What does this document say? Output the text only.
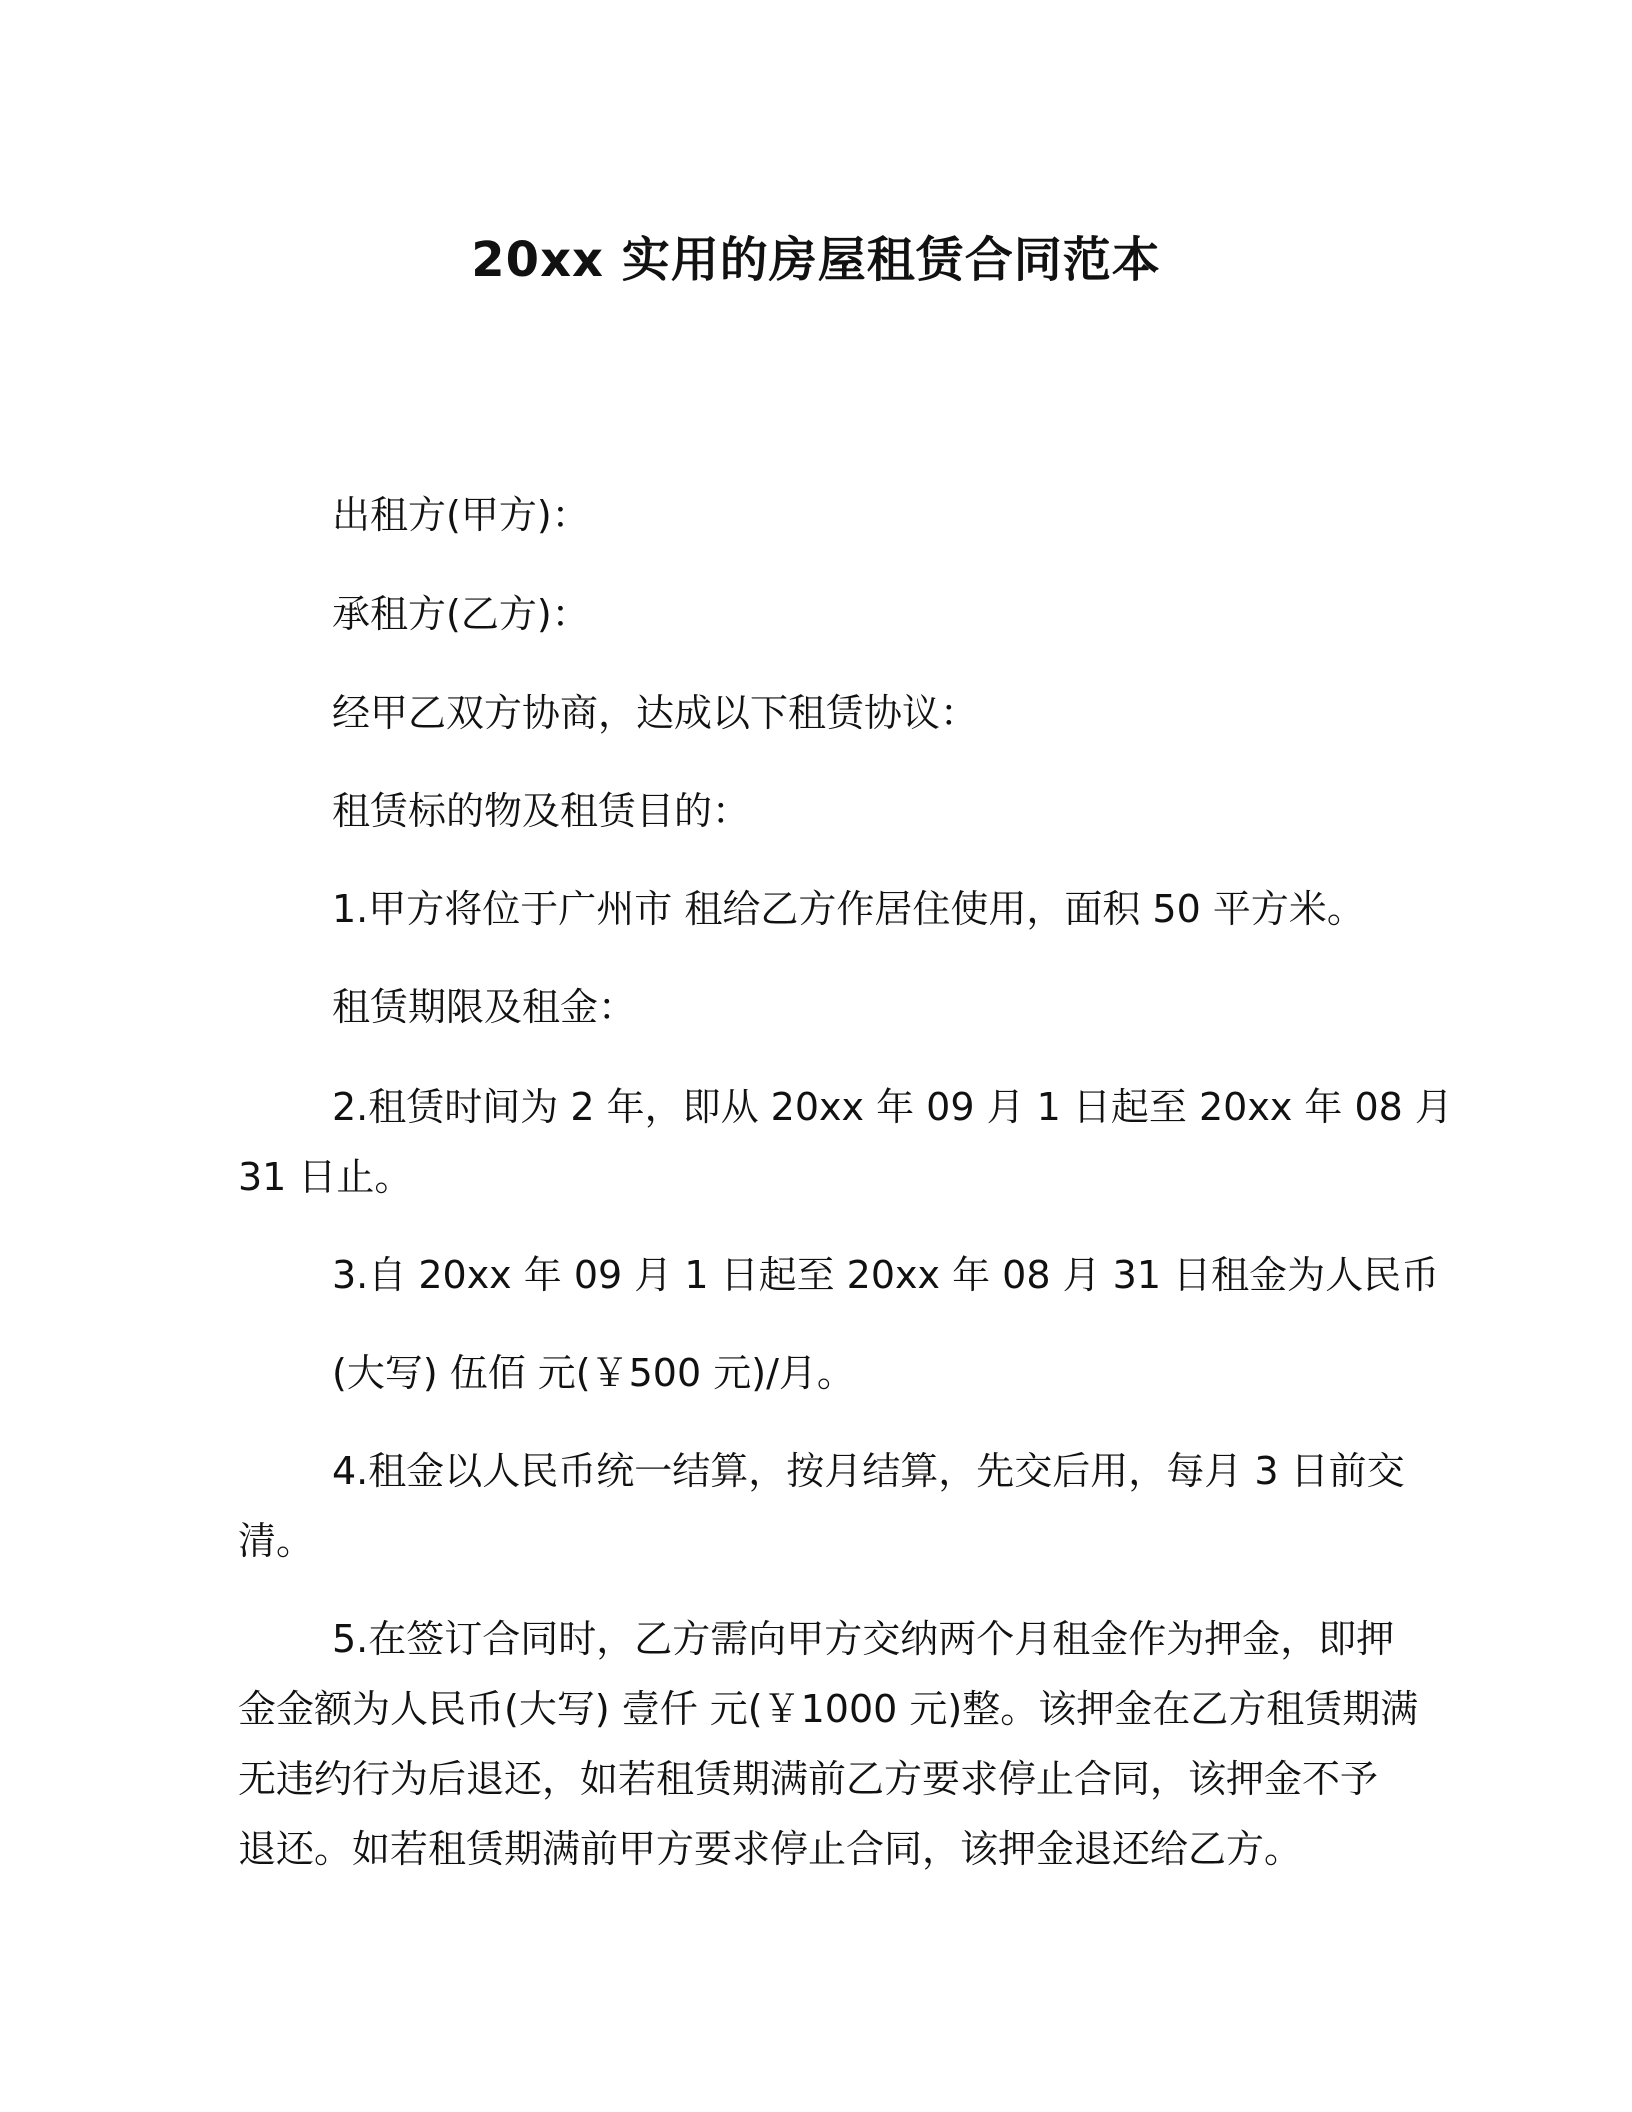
20xx 实用的房屋租赁合同范本
出租方(甲方)：
承租方(乙方)：
经甲乙双方协商，达成以下租赁协议：
租赁标的物及租赁目的：
1.甲方将位于广州市 租给乙方作居住使用，面积 50 平方米。
租赁期限及租金：
2.租赁时间为 2 年，即从 20xx 年 09 月 1 日起至 20xx 年 08 月
31 日止。
3.自 20xx 年 09 月 1 日起至 20xx 年 08 月 31 日租金为人民币
(大写) 伍佰 元(￥500 元)/月。
4.租金以人民币统一结算，按月结算，先交后用，每月 3 日前交
清。
5.在签订合同时，乙方需向甲方交纳两个月租金作为押金，即押
金金额为人民币(大写) 壹仟 元(￥1000 元)整。该押金在乙方租赁期满
无违约行为后退还，如若租赁期满前乙方要求停止合同，该押金不予
退还。如若租赁期满前甲方要求停止合同，该押金退还给乙方。
